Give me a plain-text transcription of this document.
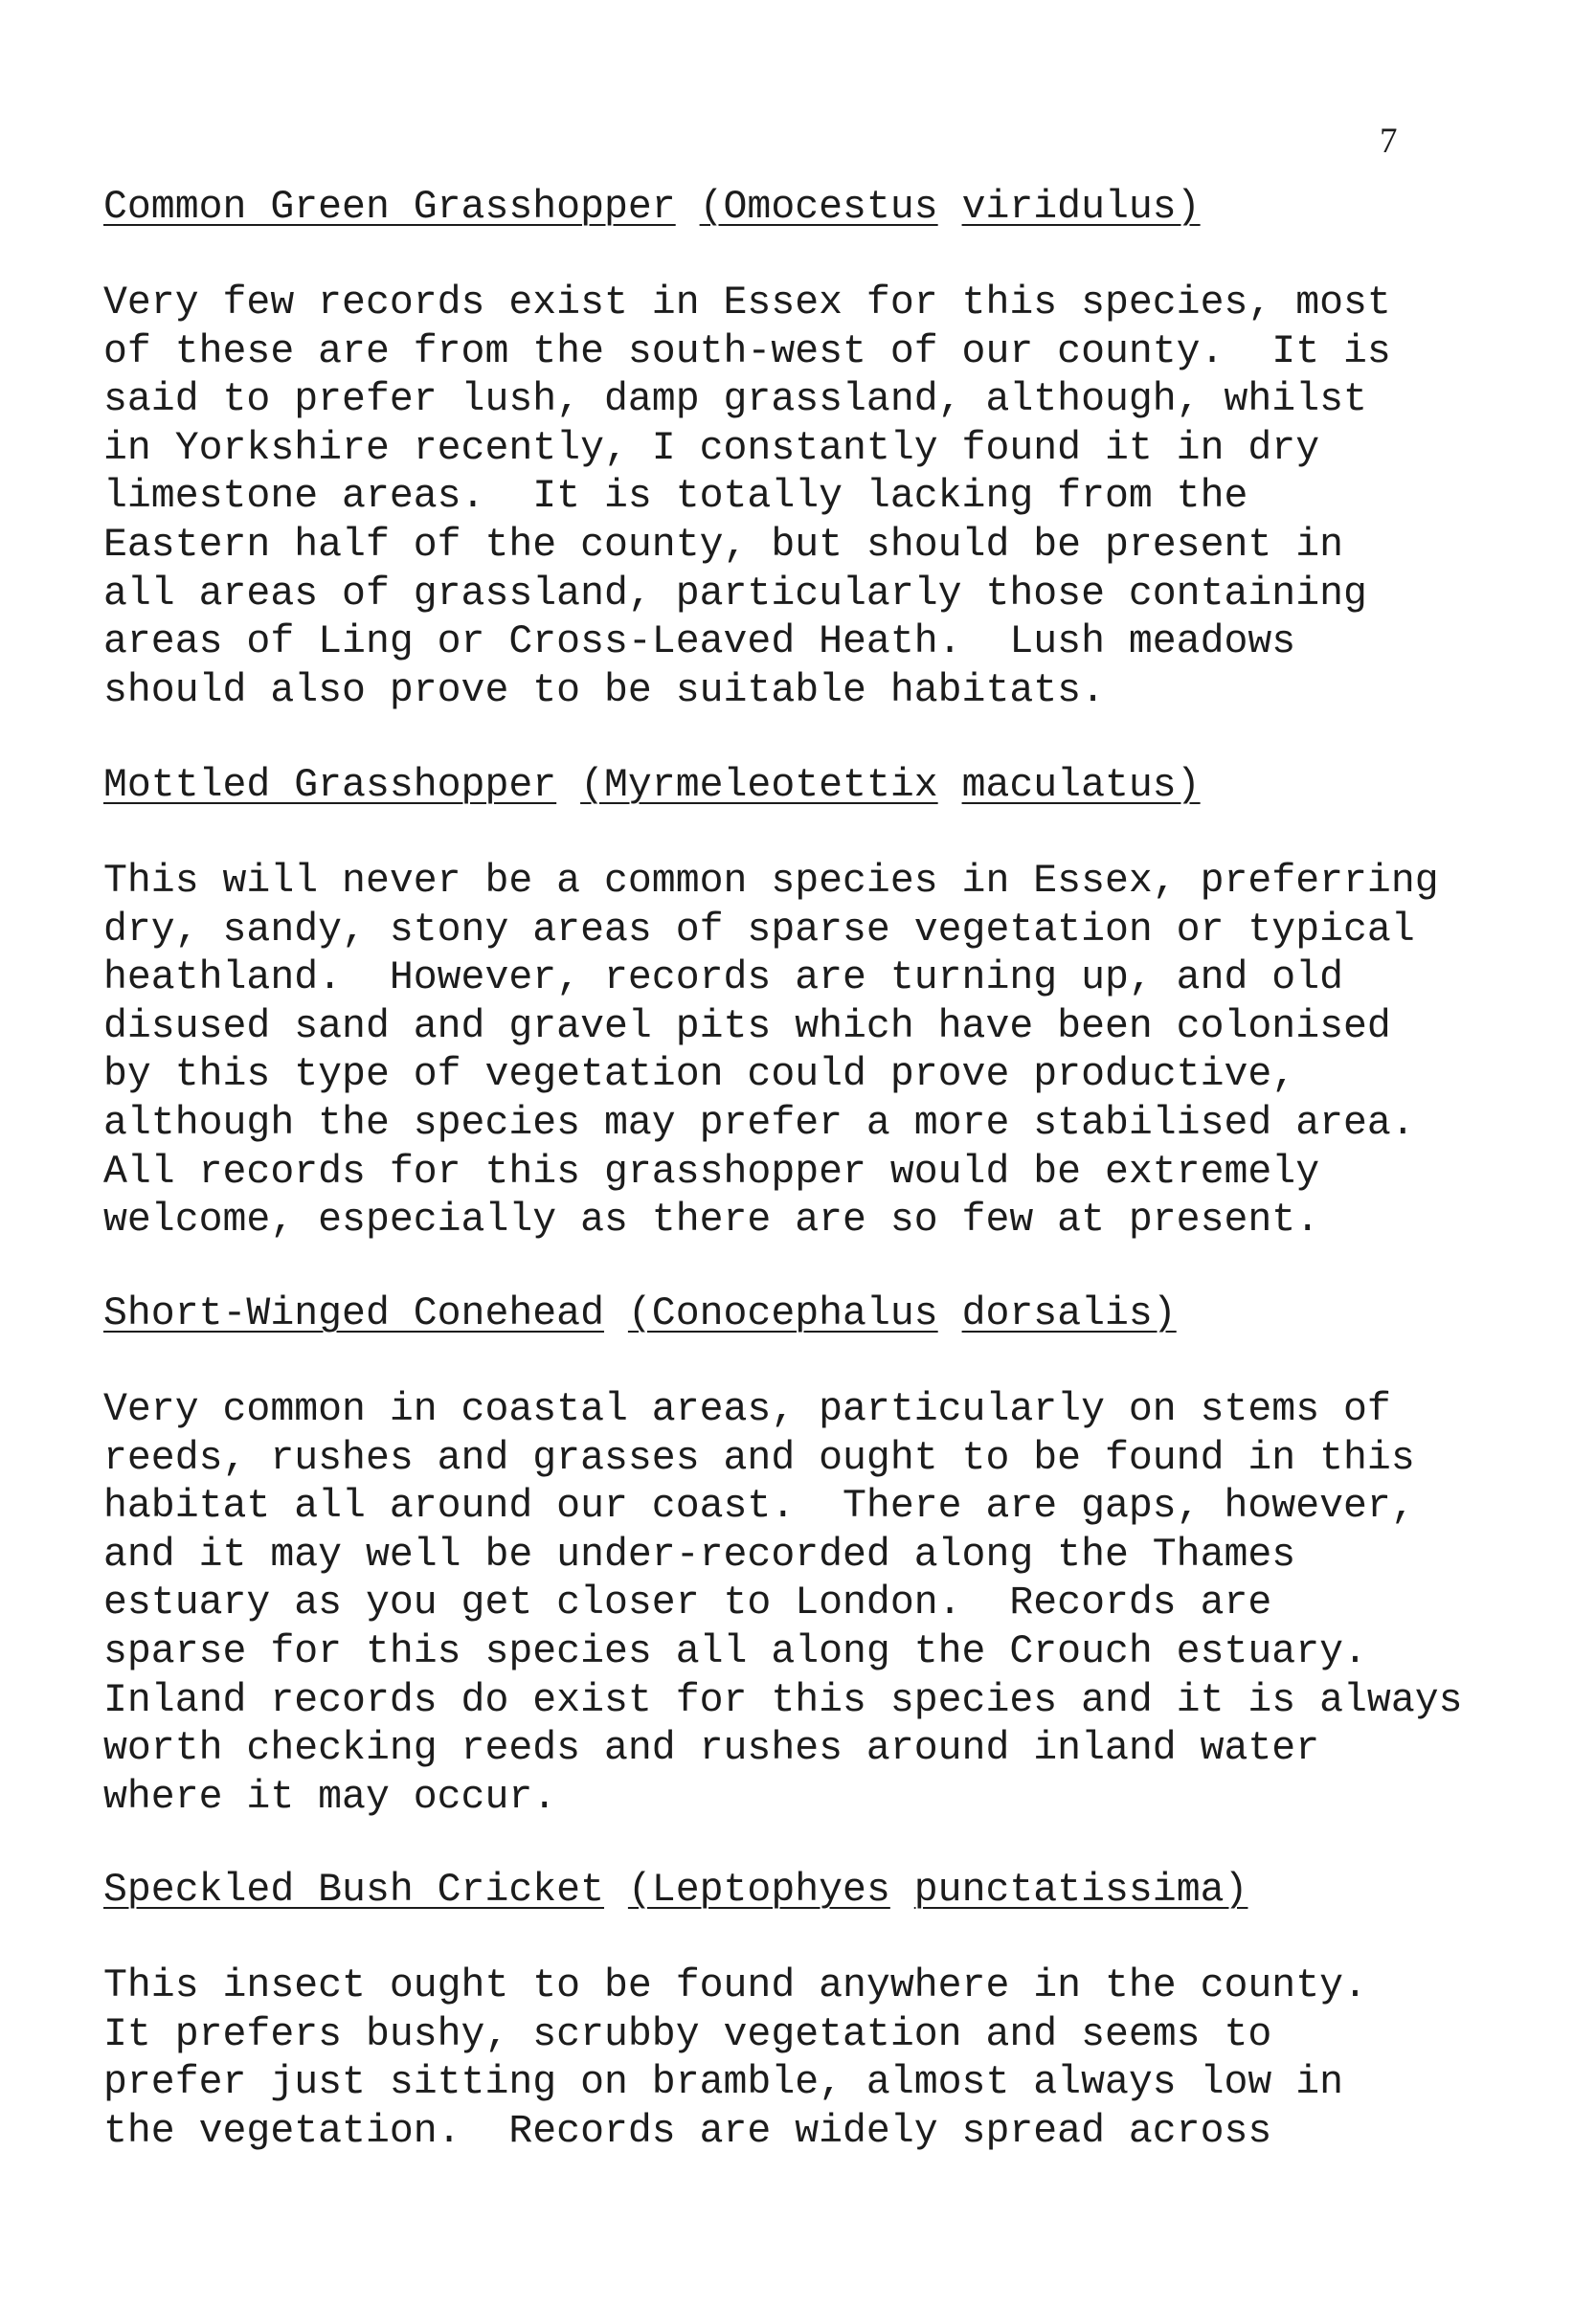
7
Common Green Grasshopper (Omocestus viridulus)
Very few records exist in Essex for this species, most
of these are from the south-west of our county.  It is
said to prefer lush, damp grassland, although, whilst
in Yorkshire recently, I constantly found it in dry
limestone areas.  It is totally lacking from the
Eastern half of the county, but should be present in
all areas of grassland, particularly those containing
areas of Ling or Cross-Leaved Heath.  Lush meadows
should also prove to be suitable habitats.
Mottled Grasshopper (Myrmeleotettix maculatus)
This will never be a common species in Essex, preferring
dry, sandy, stony areas of sparse vegetation or typical
heathland.  However, records are turning up, and old
disused sand and gravel pits which have been colonised
by this type of vegetation could prove productive,
although the species may prefer a more stabilised area.
All records for this grasshopper would be extremely
welcome, especially as there are so few at present.
Short-Winged Conehead (Conocephalus dorsalis)
Very common in coastal areas, particularly on stems of
reeds, rushes and grasses and ought to be found in this
habitat all around our coast.  There are gaps, however,
and it may well be under-recorded along the Thames
estuary as you get closer to London.  Records are
sparse for this species all along the Crouch estuary.
Inland records do exist for this species and it is always
worth checking reeds and rushes around inland water
where it may occur.
Speckled Bush Cricket (Leptophyes punctatissima)
This insect ought to be found anywhere in the county.
It prefers bushy, scrubby vegetation and seems to
prefer just sitting on bramble, almost always low in
the vegetation.  Records are widely spread across
